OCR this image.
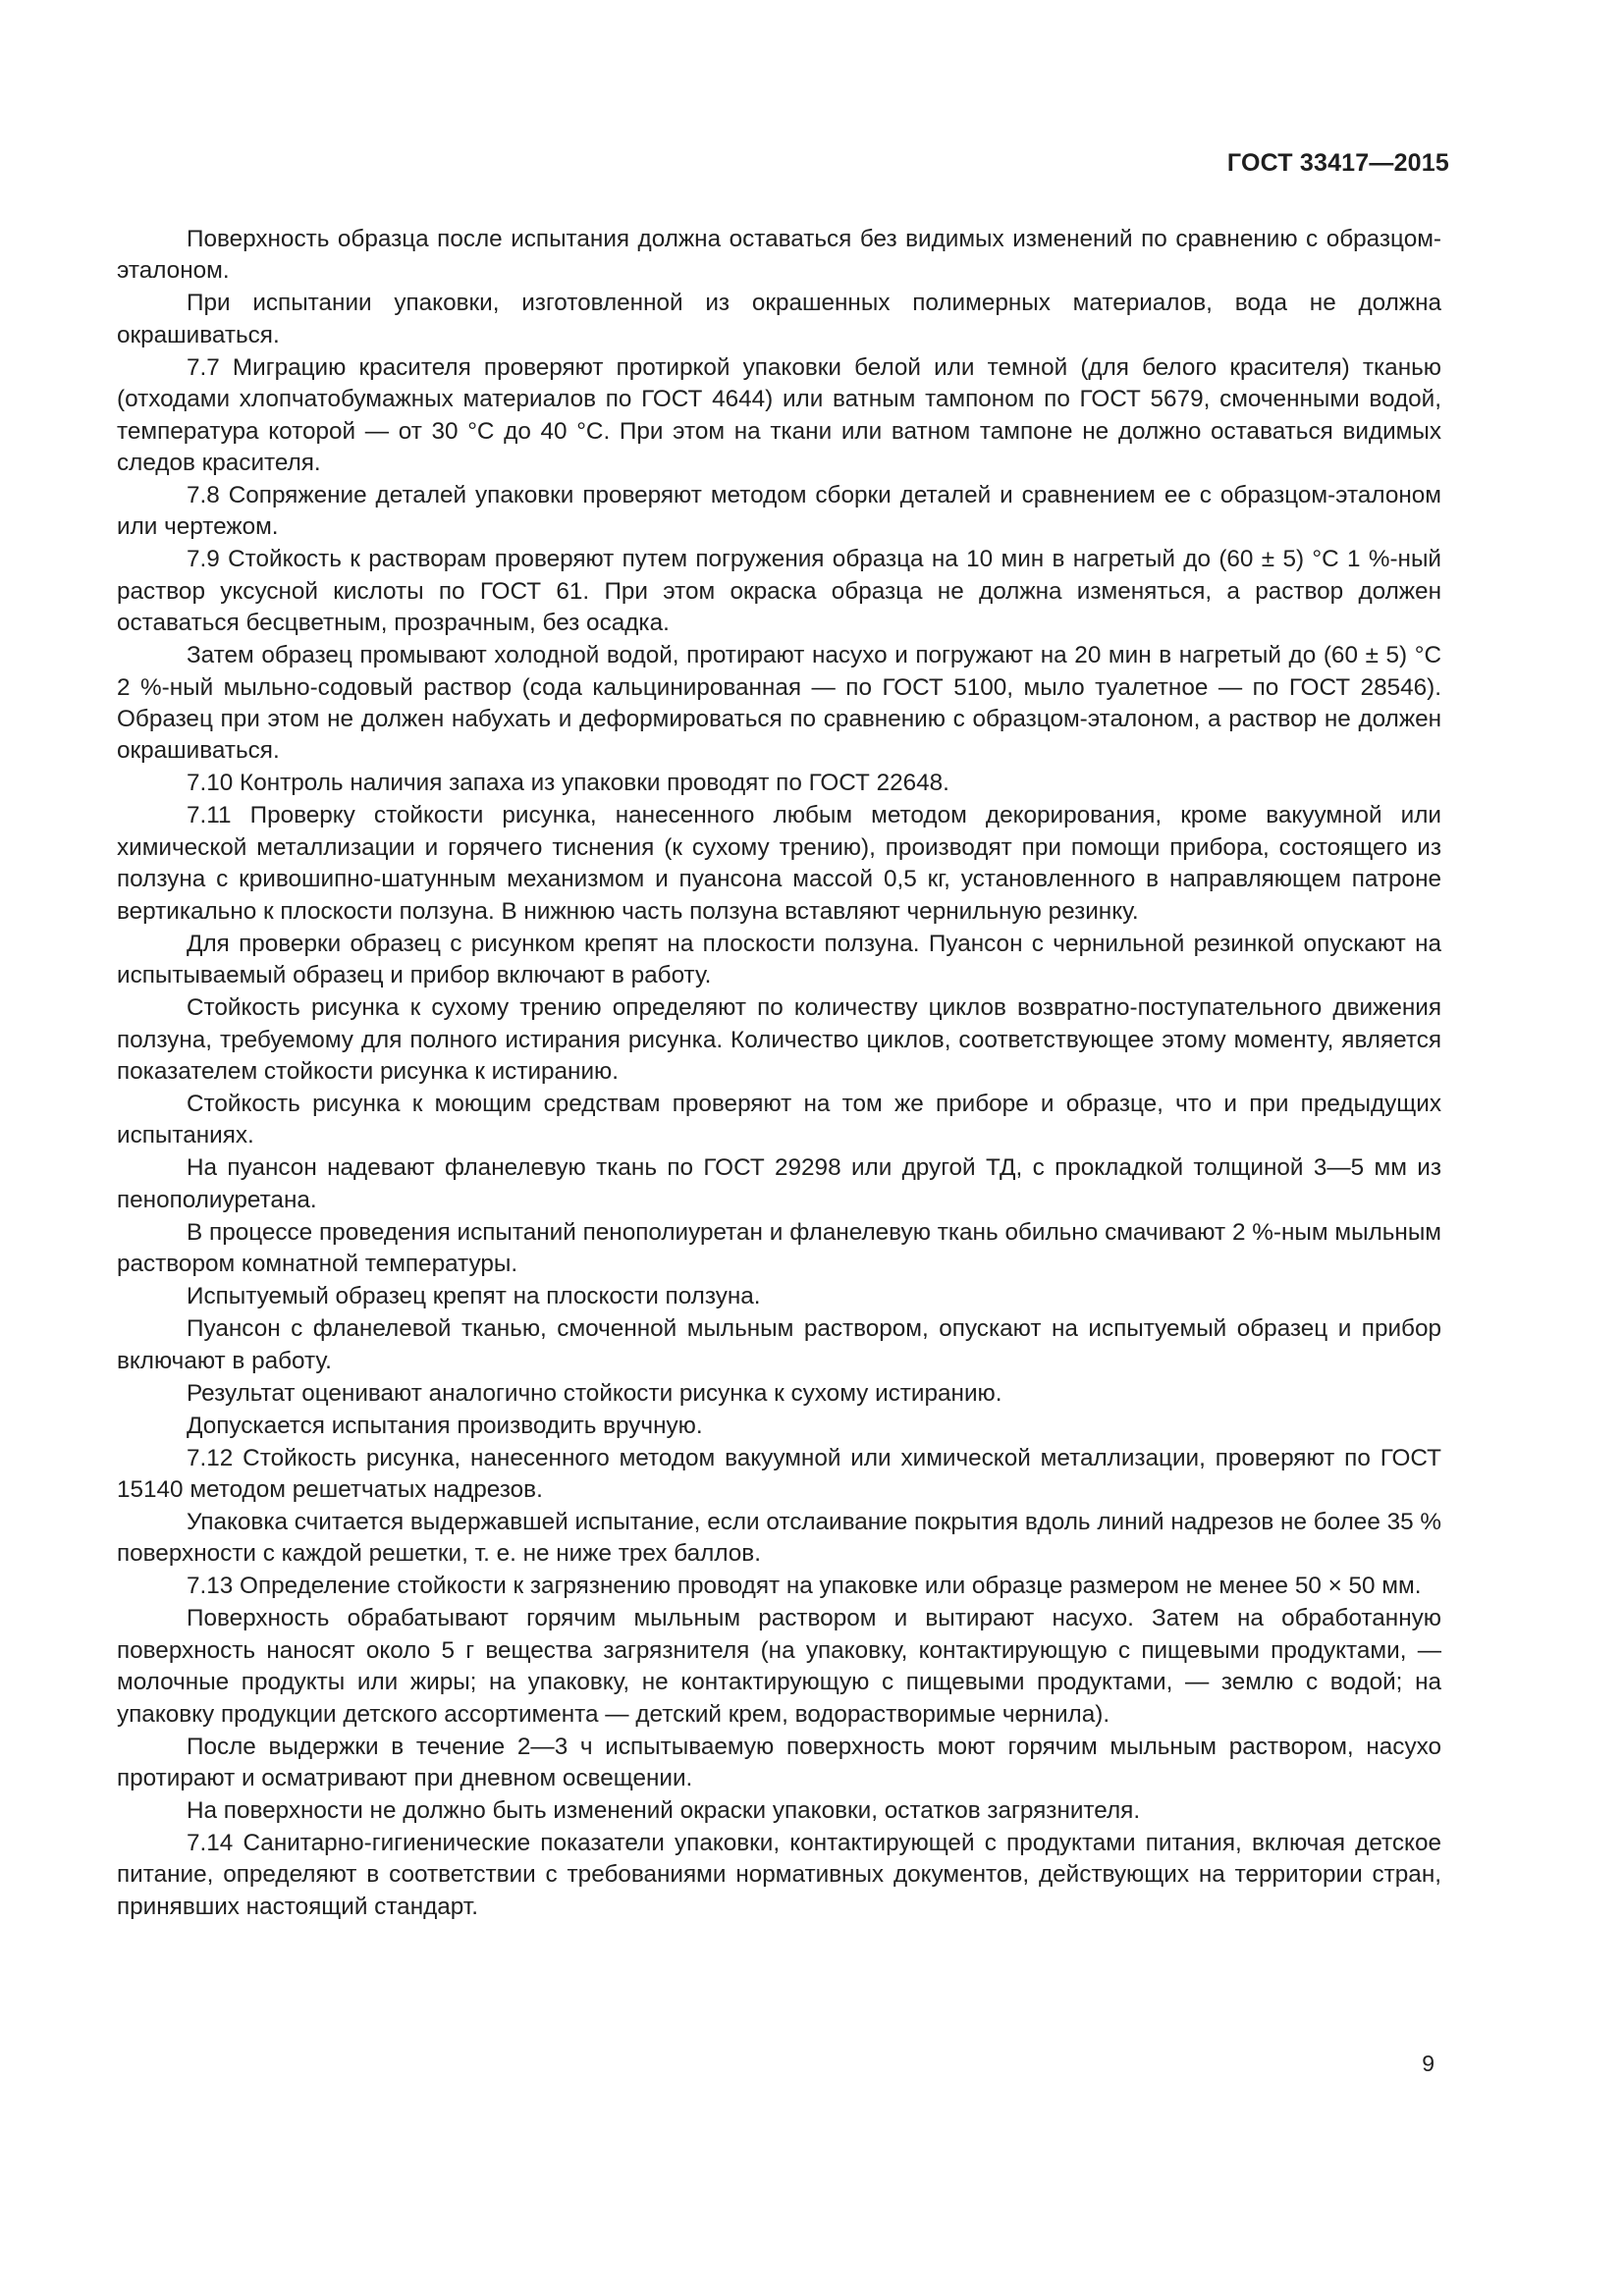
ГОСТ 33417—2015

Поверхность образца после испытания должна оставаться без видимых изменений по сравнению с образцом-эталоном.

При испытании упаковки, изготовленной из окрашенных полимерных материалов, вода не должна окрашиваться.

7.7 Миграцию красителя проверяют протиркой упаковки белой или темной (для белого красителя) тканью (отходами хлопчатобумажных материалов по ГОСТ 4644) или ватным тампоном по ГОСТ 5679, смоченными водой, температура которой — от 30 °С до 40 °С. При этом на ткани или ватном тампоне не должно оставаться видимых следов красителя.

7.8 Сопряжение деталей упаковки проверяют методом сборки деталей и сравнением ее с образцом-эталоном или чертежом.

7.9 Стойкость к растворам проверяют путем погружения образца на 10 мин в нагретый до (60 ± 5) °С 1 %-ный раствор уксусной кислоты по ГОСТ 61. При этом окраска образца не должна изменяться, а раствор должен оставаться бесцветным, прозрачным, без осадка.

Затем образец промывают холодной водой, протирают насухо и погружают на 20 мин в нагретый до (60 ± 5) °С 2 %-ный мыльно-содовый раствор (сода кальцинированная — по ГОСТ 5100, мыло туалетное — по ГОСТ 28546). Образец при этом не должен набухать и деформироваться по сравнению с образцом-эталоном, а раствор не должен окрашиваться.

7.10 Контроль наличия запаха из упаковки проводят по ГОСТ 22648.

7.11 Проверку стойкости рисунка, нанесенного любым методом декорирования, кроме вакуумной или химической металлизации и горячего тиснения (к сухому трению), производят при помощи прибора, состоящего из ползуна с кривошипно-шатунным механизмом и пуансона массой 0,5 кг, установленного в направляющем патроне вертикально к плоскости ползуна. В нижнюю часть ползуна вставляют чернильную резинку.

Для проверки образец с рисунком крепят на плоскости ползуна. Пуансон с чернильной резинкой опускают на испытываемый образец и прибор включают в работу.

Стойкость рисунка к сухому трению определяют по количеству циклов возвратно-поступательного движения ползуна, требуемому для полного истирания рисунка. Количество циклов, соответствующее этому моменту, является показателем стойкости рисунка к истиранию.

Стойкость рисунка к моющим средствам проверяют на том же приборе и образце, что и при предыдущих испытаниях.

На пуансон надевают фланелевую ткань по ГОСТ 29298 или другой ТД, с прокладкой толщиной 3—5 мм из пенополиуретана.

В процессе проведения испытаний пенополиуретан и фланелевую ткань обильно смачивают 2 %-ным мыльным раствором комнатной температуры.

Испытуемый образец крепят на плоскости ползуна.

Пуансон с фланелевой тканью, смоченной мыльным раствором, опускают на испытуемый образец и прибор включают в работу.

Результат оценивают аналогично стойкости рисунка к сухому истиранию.

Допускается испытания производить вручную.

7.12 Стойкость рисунка, нанесенного методом вакуумной или химической металлизации, проверяют по ГОСТ 15140 методом решетчатых надрезов.

Упаковка считается выдержавшей испытание, если отслаивание покрытия вдоль линий надрезов не более 35 % поверхности с каждой решетки, т. е. не ниже трех баллов.

7.13 Определение стойкости к загрязнению проводят на упаковке или образце размером не менее 50 × 50 мм.

Поверхность обрабатывают горячим мыльным раствором и вытирают насухо. Затем на обработанную поверхность наносят около 5 г вещества загрязнителя (на упаковку, контактирующую с пищевыми продуктами, — молочные продукты или жиры; на упаковку, не контактирующую с пищевыми продуктами, — землю с водой; на упаковку продукции детского ассортимента — детский крем, водорастворимые чернила).

После выдержки в течение 2—3 ч испытываемую поверхность моют горячим мыльным раствором, насухо протирают и осматривают при дневном освещении.

На поверхности не должно быть изменений окраски упаковки, остатков загрязнителя.

7.14 Санитарно-гигиенические показатели упаковки, контактирующей с продуктами питания, включая детское питание, определяют в соответствии с требованиями нормативных документов, действующих на территории стран, принявших настоящий стандарт.

9
